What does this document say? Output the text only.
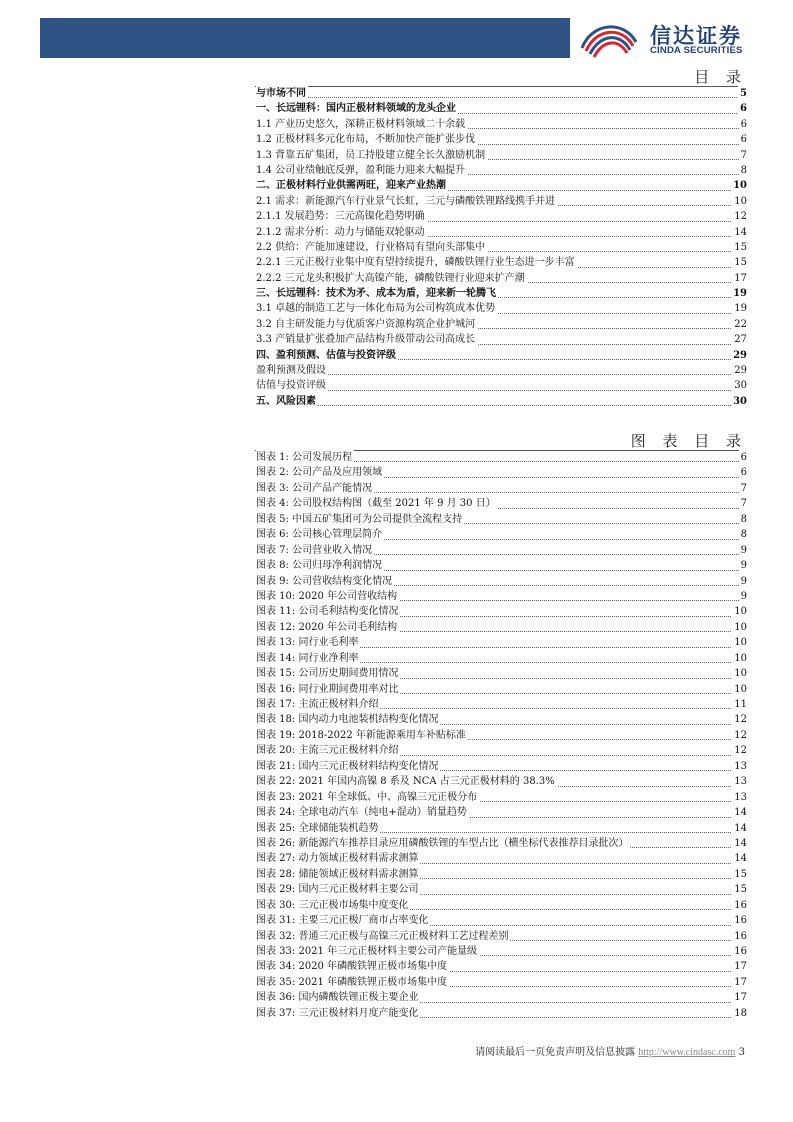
信达证券
CINDA SECURITIES
目 录
与市场不同	5
一、长远锂科：国内正极材料领域的龙头企业	6
1.1 产业历史悠久，深耕正极材料领域二十余载	6
1.2 正极材料多元化布局，不断加快产能扩张步伐	6
1.3 背靠五矿集团，员工持股建立健全长久激励机制	7
1.4 公司业绩触底反弹，盈利能力迎来大幅提升	8
二、正极材料行业供需两旺，迎来产业热潮	10
2.1 需求：新能源汽车行业景气长虹，三元与磷酸铁锂路线携手并进	10
2.1.1 发展趋势：三元高镍化趋势明确	12
2.1.2 需求分析：动力与储能双轮驱动	14
2.2 供给：产能加速建设，行业格局有望向头部集中	15
2.2.1 三元正极行业集中度有望持续提升，磷酸铁锂行业生态进一步丰富	15
2.2.2 三元龙头积极扩大高镍产能，磷酸铁锂行业迎来扩产潮	17
三、长远锂科：技术为矛、成本为盾，迎来新一轮腾飞	19
3.1 卓越的制造工艺与一体化布局为公司构筑成本优势	19
3.2 自主研发能力与优质客户资源构筑企业护城河	22
3.3 产销量扩张叠加产品结构升级带动公司高成长	27
四、盈利预测、估值与投资评级	29
盈利预测及假设	29
估值与投资评级	30
五、风险因素	30
图 表 目 录
图表 1: 公司发展历程	6
图表 2: 公司产品及应用领域	6
图表 3: 公司产品产能情况	7
图表 4: 公司股权结构图（截至 2021 年 9 月 30 日）	7
图表 5: 中国五矿集团可为公司提供全流程支持	8
图表 6: 公司核心管理层简介	8
图表 7: 公司营业收入情况	9
图表 8: 公司归母净利润情况	9
图表 9: 公司营收结构变化情况	9
图表 10: 2020 年公司营收结构	9
图表 11: 公司毛利结构变化情况	10
图表 12: 2020 年公司毛利结构	10
图表 13: 同行业毛利率	10
图表 14: 同行业净利率	10
图表 15: 公司历史期间费用情况	10
图表 16: 同行业期间费用率对比	10
图表 17: 主流正极材料介绍	11
图表 18: 国内动力电池装机结构变化情况	12
图表 19: 2018-2022 年新能源乘用车补贴标准	12
图表 20: 主流三元正极材料介绍	12
图表 21: 国内三元正极材料结构变化情况	13
图表 22: 2021 年国内高镍 8 系及 NCA 占三元正极材料的 38.3%	13
图表 23: 2021 年全球低、中、高镍三元正极分布	13
图表 24: 全球电动汽车（纯电+混动）销量趋势	14
图表 25: 全球储能装机趋势	14
图表 26: 新能源汽车推荐目录应用磷酸铁锂的车型占比（横坐标代表推荐目录批次）	14
图表 27: 动力领域正极材料需求测算	14
图表 28: 储能领域正极材料需求测算	15
图表 29: 国内三元正极材料主要公司	15
图表 30: 三元正极市场集中度变化	16
图表 31: 主要三元正极厂商市占率变化	16
图表 32: 普通三元正极与高镍三元正极材料工艺过程差别	16
图表 33: 2021 年三元正极材料主要公司产能量级	16
图表 34: 2020 年磷酸铁锂正极市场集中度	17
图表 35: 2021 年磷酸铁锂正极市场集中度	17
图表 36: 国内磷酸铁锂正极主要企业	17
图表 37: 三元正极材料月度产能变化	18
请阅读最后一页免责声明及信息披露 http://www.cindasc.com 3
